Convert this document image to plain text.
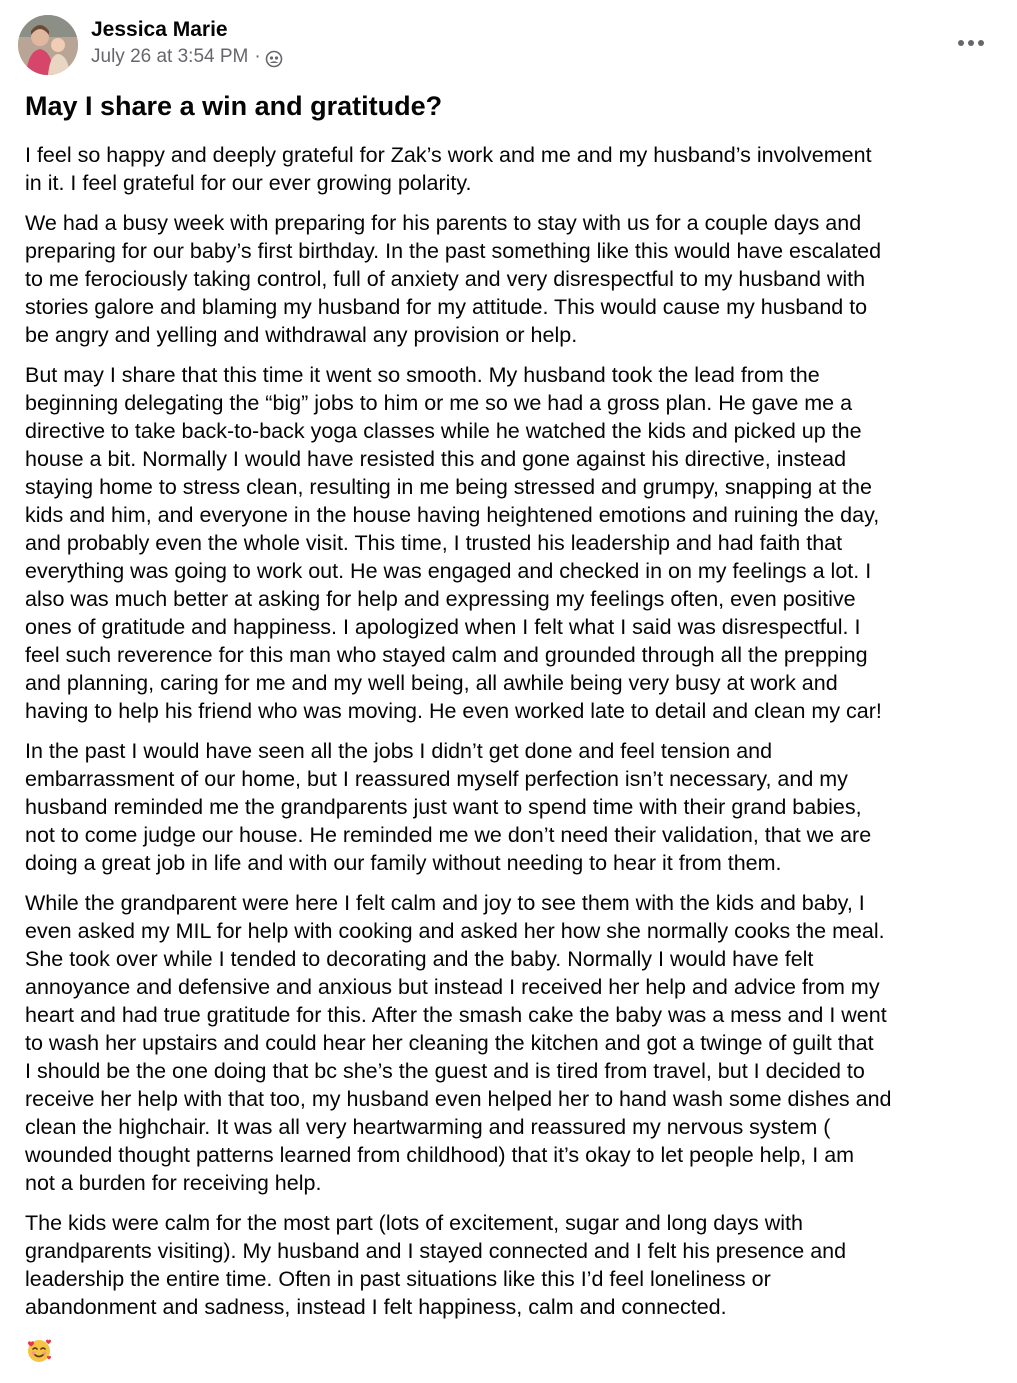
Jessica Marie
July 26 at 3:54 PM ·
May I share a win and gratitude?

I feel so happy and deeply grateful for Zak’s work and me and my husband’s involvement
in it. I feel grateful for our ever growing polarity.

We had a busy week with preparing for his parents to stay with us for a couple days and
preparing for our baby’s first birthday. In the past something like this would have escalated
to me ferociously taking control, full of anxiety and very disrespectful to my husband with
stories galore and blaming my husband for my attitude. This would cause my husband to
be angry and yelling and withdrawal any provision or help.

But may I share that this time it went so smooth. My husband took the lead from the
beginning delegating the “big” jobs to him or me so we had a gross plan. He gave me a
directive to take back-to-back yoga classes while he watched the kids and picked up the
house a bit. Normally I would have resisted this and gone against his directive, instead
staying home to stress clean, resulting in me being stressed and grumpy, snapping at the
kids and him, and everyone in the house having heightened emotions and ruining the day,
and probably even the whole visit. This time, I trusted his leadership and had faith that
everything was going to work out. He was engaged and checked in on my feelings a lot. I
also was much better at asking for help and expressing my feelings often, even positive
ones of gratitude and happiness. I apologized when I felt what I said was disrespectful. I
feel such reverence for this man who stayed calm and grounded through all the prepping
and planning, caring for me and my well being, all awhile being very busy at work and
having to help his friend who was moving. He even worked late to detail and clean my car!

In the past I would have seen all the jobs I didn’t get done and feel tension and
embarrassment of our home, but I reassured myself perfection isn’t necessary, and my
husband reminded me the grandparents just want to spend time with their grand babies,
not to come judge our house. He reminded me we don’t need their validation, that we are
doing a great job in life and with our family without needing to hear it from them.

While the grandparent were here I felt calm and joy to see them with the kids and baby, I
even asked my MIL for help with cooking and asked her how she normally cooks the meal.
She took over while I tended to decorating and the baby. Normally I would have felt
annoyance and defensive and anxious but instead I received her help and advice from my
heart and had true gratitude for this. After the smash cake the baby was a mess and I went
to wash her upstairs and could hear her cleaning the kitchen and got a twinge of guilt that
I should be the one doing that bc she’s the guest and is tired from travel, but I decided to
receive her help with that too, my husband even helped her to hand wash some dishes and
clean the highchair. It was all very heartwarming and reassured my nervous system (
wounded thought patterns learned from childhood) that it’s okay to let people help, I am
not a burden for receiving help.

The kids were calm for the most part (lots of excitement, sugar and long days with
grandparents visiting). My husband and I stayed connected and I felt his presence and
leadership the entire time. Often in past situations like this I’d feel loneliness or
abandonment and sadness, instead I felt happiness, calm and connected.
